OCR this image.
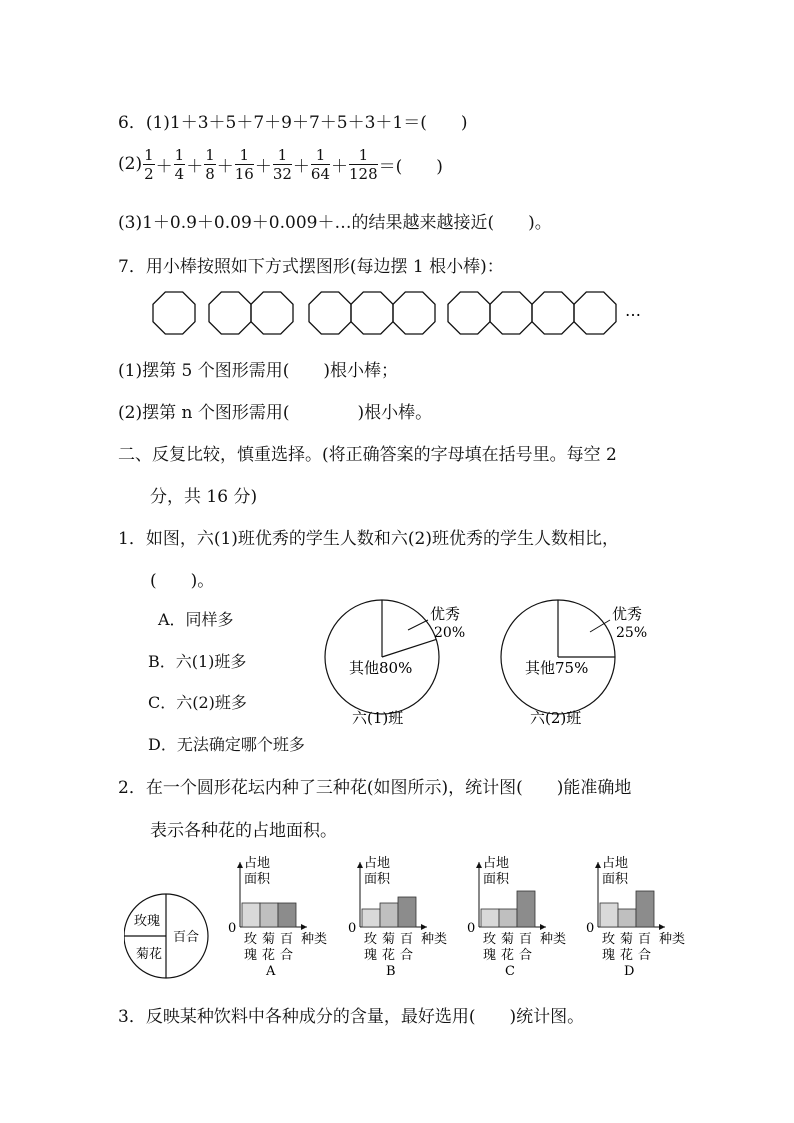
6．(1)1＋3＋5＋7＋9＋7＋5＋3＋1＝(　　)
$(2) \frac{1}{2} + \frac{1}{4} + \frac{1}{8} + \frac{1}{16} + \frac{1}{32} + \frac{1}{64} + \frac{1}{128}$ ＝(　　)
(3)1＋0.9＋0.09＋0.009＋…的结果越来越接近(　　)。
7．用小棒按照如下方式摆图形(每边摆 1 根小棒)：
…
(1)摆第 5 个图形需用(　　)根小棒；
(2)摆第 n 个图形需用(　　　　)根小棒。
二、反复比较，慎重选择。(将正确答案的字母填在括号里。每空 2
分，共 16 分)
1．如图，六(1)班优秀的学生人数和六(2)班优秀的学生人数相比，
(　　)。
A．同样多
B．六(1)班多
C．六(2)班多
D．无法确定哪个班多
优秀
20%
其他80%
六(1)班
优秀
25%
其他75%
六(2)班
2．在一个圆形花坛内种了三种花(如图所示)，统计图(　　)能准确地
表示各种花的占地面积。
玫瑰
菊花
百合
占地
面积
0
玫
瑰
菊
花
百
合
种类
A
占地
面积
0
玫
瑰
菊
花
百
合
种类
B
占地
面积
0
玫
瑰
菊
花
百
合
种类
C
占地
面积
0
玫
瑰
菊
花
百
合
种类
D
3．反映某种饮料中各种成分的含量，最好选用(　　)统计图。
